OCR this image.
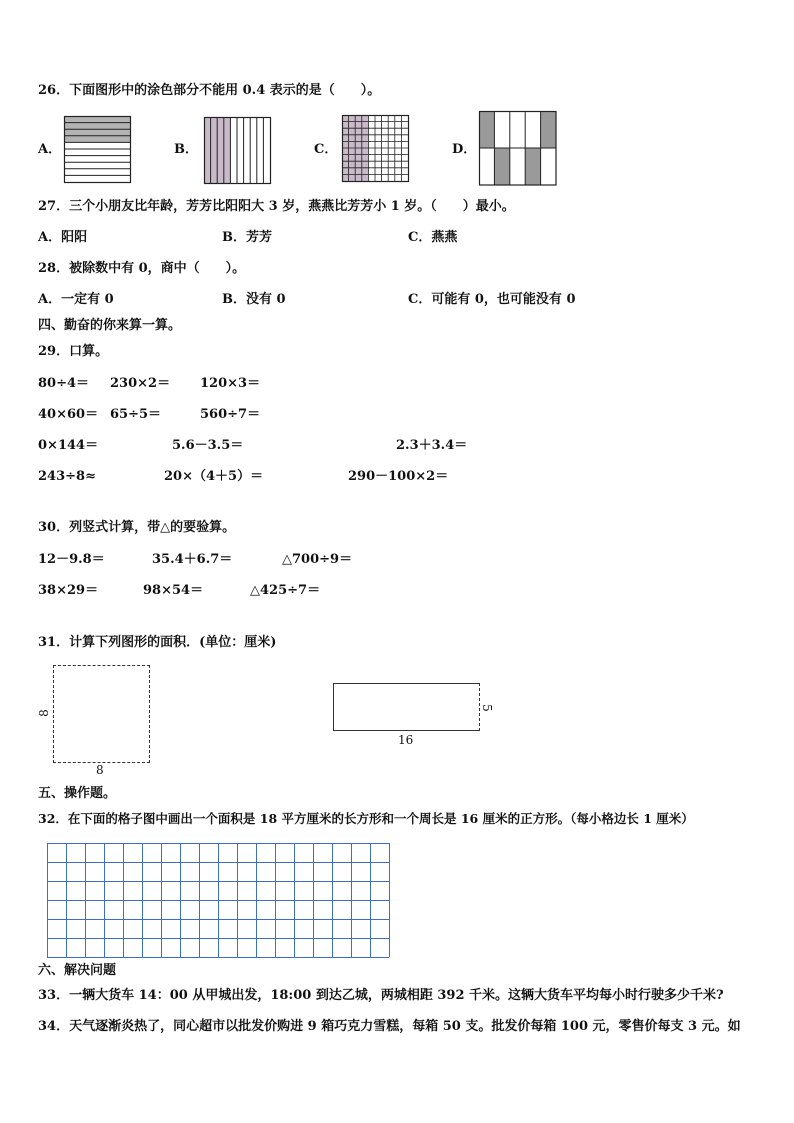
26．下面图形中的涂色部分不能用 0.4 表示的是（　　）。
A．	B．	C．	D．
27．三个小朋友比年龄，芳芳比阳阳大 3 岁，燕燕比芳芳小 1 岁。（　　）最小。
A．阳阳	B．芳芳	C．燕燕
28．被除数中有 0，商中（　　）。
A．一定有 0	B．没有 0	C．可能有 0，也可能没有 0
四、勤奋的你来算一算。
29．口算。
80÷4＝ 230×2＝ 120×3＝
40×60＝ 65÷5＝	560÷7＝
0×144＝	5.6－3.5＝	2.3＋3.4＝
243÷8≈	20×（4＋5）＝	290－100×2＝
30．列竖式计算，带△的要验算。
12－9.8＝	35.4＋6.7＝	△700÷9＝
38×29＝	98×54＝	△425÷7＝
31．计算下列图形的面积．(单位：厘米)
8
8
5
16
五、操作题。
32．在下面的格子图中画出一个面积是 18 平方厘米的长方形和一个周长是 16 厘米的正方形。（每小格边长 1 厘米）
六、解决问题
33．一辆大货车 14：00 从甲城出发，18:00 到达乙城，两城相距 392 千米。这辆大货车平均每小时行驶多少千米?
34．天气逐渐炎热了，同心超市以批发价购进 9 箱巧克力雪糕，每箱 50 支。批发价每箱 100 元，零售价每支 3 元。如
